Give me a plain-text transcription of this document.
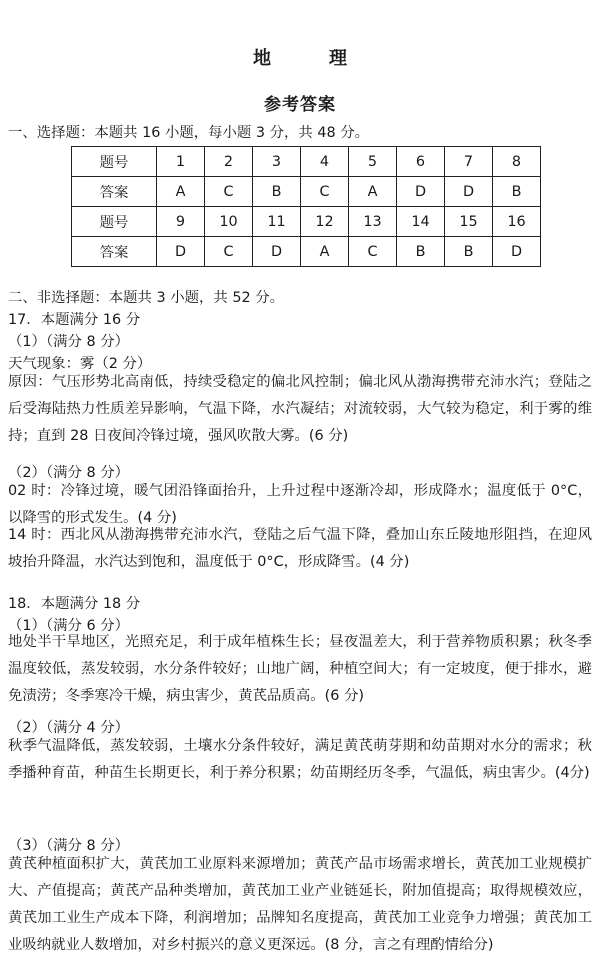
地　理
参考答案
一、选择题：本题共 16 小题，每小题 3 分，共 48 分。
题号	1	2	3	4	5	6	7	8
答案	A	C	B	C	A	D	D	B
题号	9	10	11	12	13	14	15	16
答案	D	C	D	A	C	B	B	D
二、非选择题：本题共 3 小题，共 52 分。
17．本题满分 16 分
（1）（满分 8 分）
天气现象：雾（2 分）
原因：气压形势北高南低，持续受稳定的偏北风控制；偏北风从渤海携带充沛水汽；登陆之后受海陆热力性质差异影响，气温下降，水汽凝结；对流较弱，大气较为稳定，利于雾的维持；直到 28 日夜间冷锋过境，强风吹散大雾。(6 分)
（2）（满分 8 分）
02 时：冷锋过境，暖气团沿锋面抬升，上升过程中逐渐冷却，形成降水；温度低于 0°C，以降雪的形式发生。(4 分)
14 时：西北风从渤海携带充沛水汽，登陆之后气温下降，叠加山东丘陵地形阻挡，在迎风坡抬升降温，水汽达到饱和，温度低于 0°C，形成降雪。(4 分)
18．本题满分 18 分
（1）（满分 6 分）
地处半干旱地区，光照充足，利于成年植株生长；昼夜温差大，利于营养物质积累；秋冬季温度较低，蒸发较弱，水分条件较好；山地广阔，种植空间大；有一定坡度，便于排水，避免渍涝；冬季寒冷干燥，病虫害少，黄芪品质高。(6 分)
（2）（满分 4 分）
秋季气温降低，蒸发较弱，土壤水分条件较好，满足黄芪萌芽期和幼苗期对水分的需求；秋季播种育苗，种苗生长期更长，利于养分积累；幼苗期经历冬季，气温低，病虫害少。(4分)
（3）（满分 8 分）
黄芪种植面积扩大，黄芪加工业原料来源增加；黄芪产品市场需求增长，黄芪加工业规模扩大、产值提高；黄芪产品种类增加，黄芪加工业产业链延长，附加值提高；取得规模效应，黄芪加工业生产成本下降，利润增加；品牌知名度提高，黄芪加工业竞争力增强；黄芪加工业吸纳就业人数增加，对乡村振兴的意义更深远。(8 分，言之有理酌情给分)
